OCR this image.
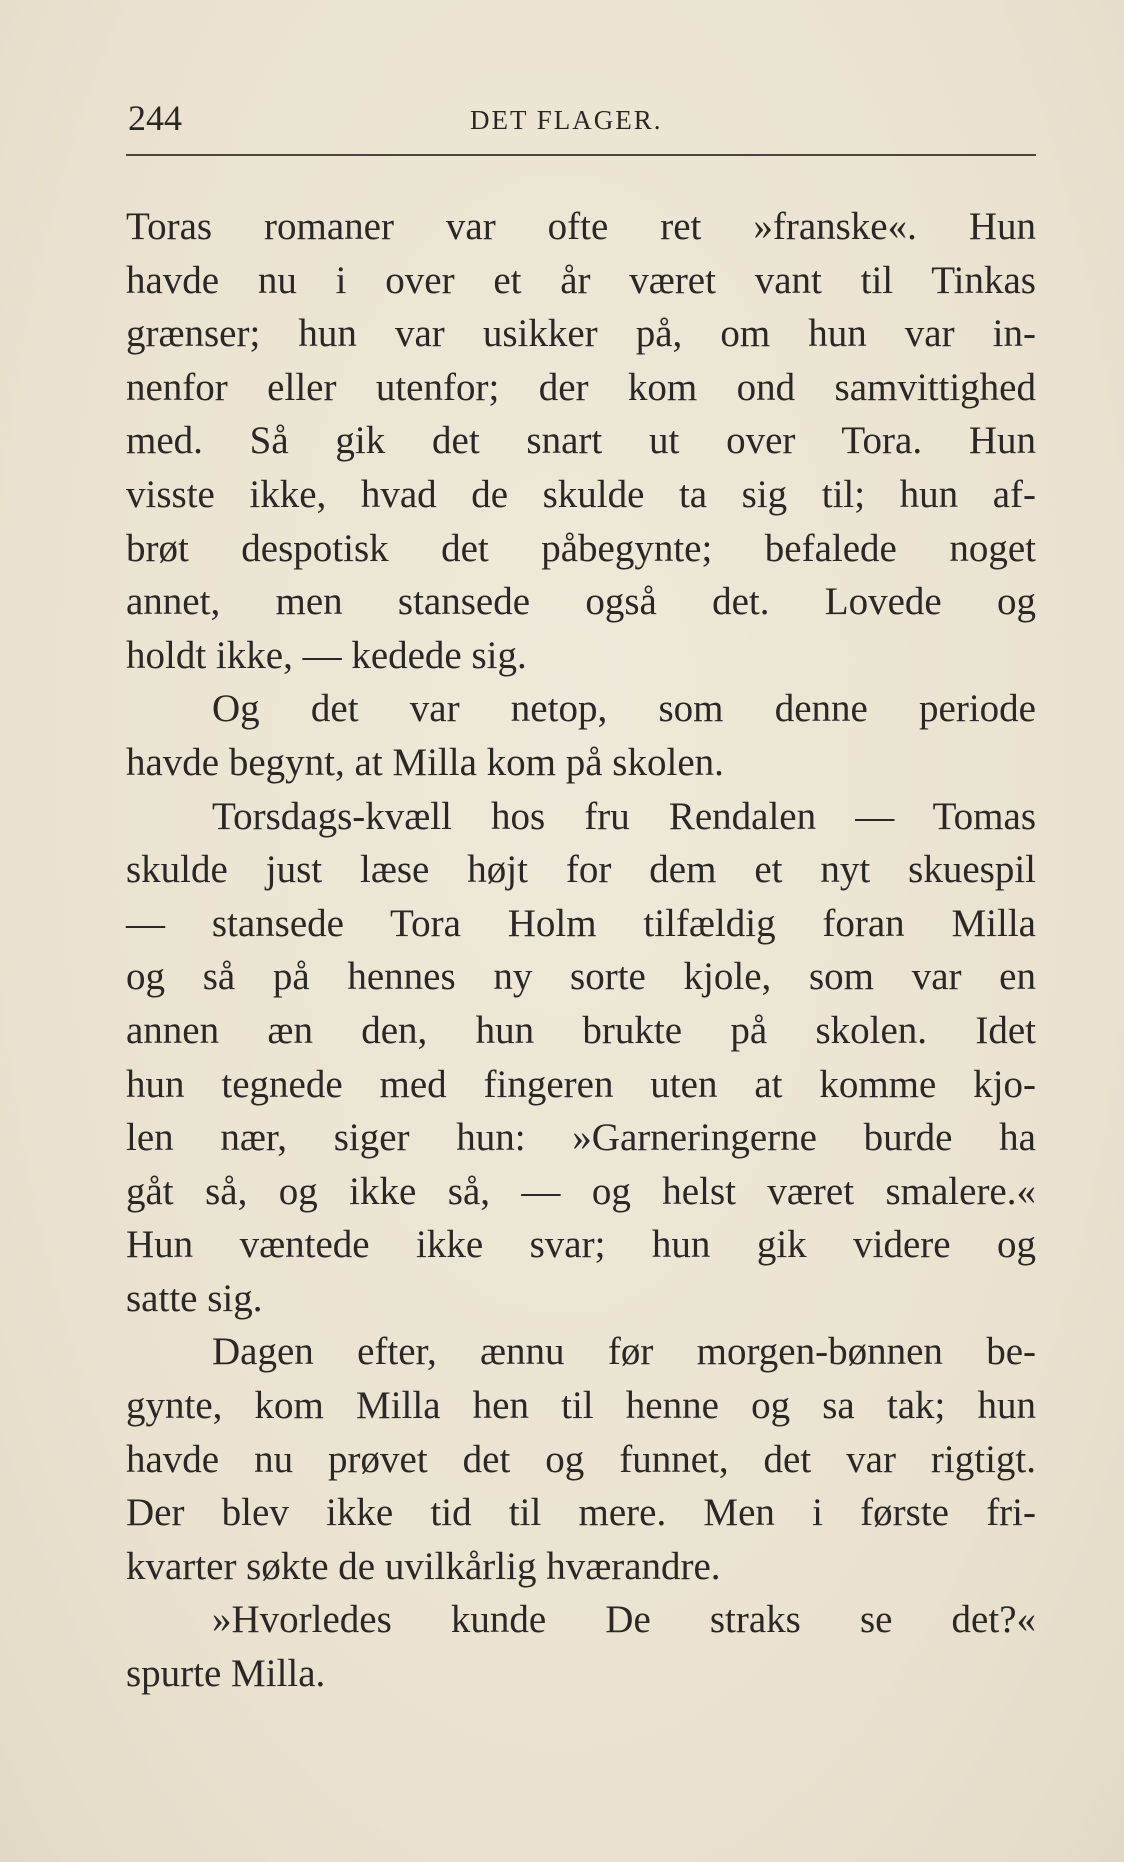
244	DET FLAGER.
Toras romaner var ofte ret »franske«. Hun
havde nu i over et år været vant til Tinkas
grænser; hun var usikker på, om hun var in-
nenfor eller utenfor; der kom ond samvittighed
med. Så gik det snart ut over Tora. Hun
visste ikke, hvad de skulde ta sig til; hun af-
brøt despotisk det påbegynte; befalede noget
annet, men stansede også det. Lovede og
holdt ikke, — kedede sig.
Og det var netop, som denne periode
havde begynt, at Milla kom på skolen.
Torsdags-kvæll hos fru Rendalen — Tomas
skulde just læse højt for dem et nyt skuespil
— stansede Tora Holm tilfældig foran Milla
og så på hennes ny sorte kjole, som var en
annen æn den, hun brukte på skolen. Idet
hun tegnede med fingeren uten at komme kjo-
len nær, siger hun: »Garneringerne burde ha
gåt så, og ikke så, — og helst været smalere.«
Hun væntede ikke svar; hun gik videre og
satte sig.
Dagen efter, ænnu før morgen-bønnen be-
gynte, kom Milla hen til henne og sa tak; hun
havde nu prøvet det og funnet, det var rigtigt.
Der blev ikke tid til mere. Men i første fri-
kvarter søkte de uvilkårlig hværandre.
»Hvorledes kunde De straks se det?«
spurte Milla.
